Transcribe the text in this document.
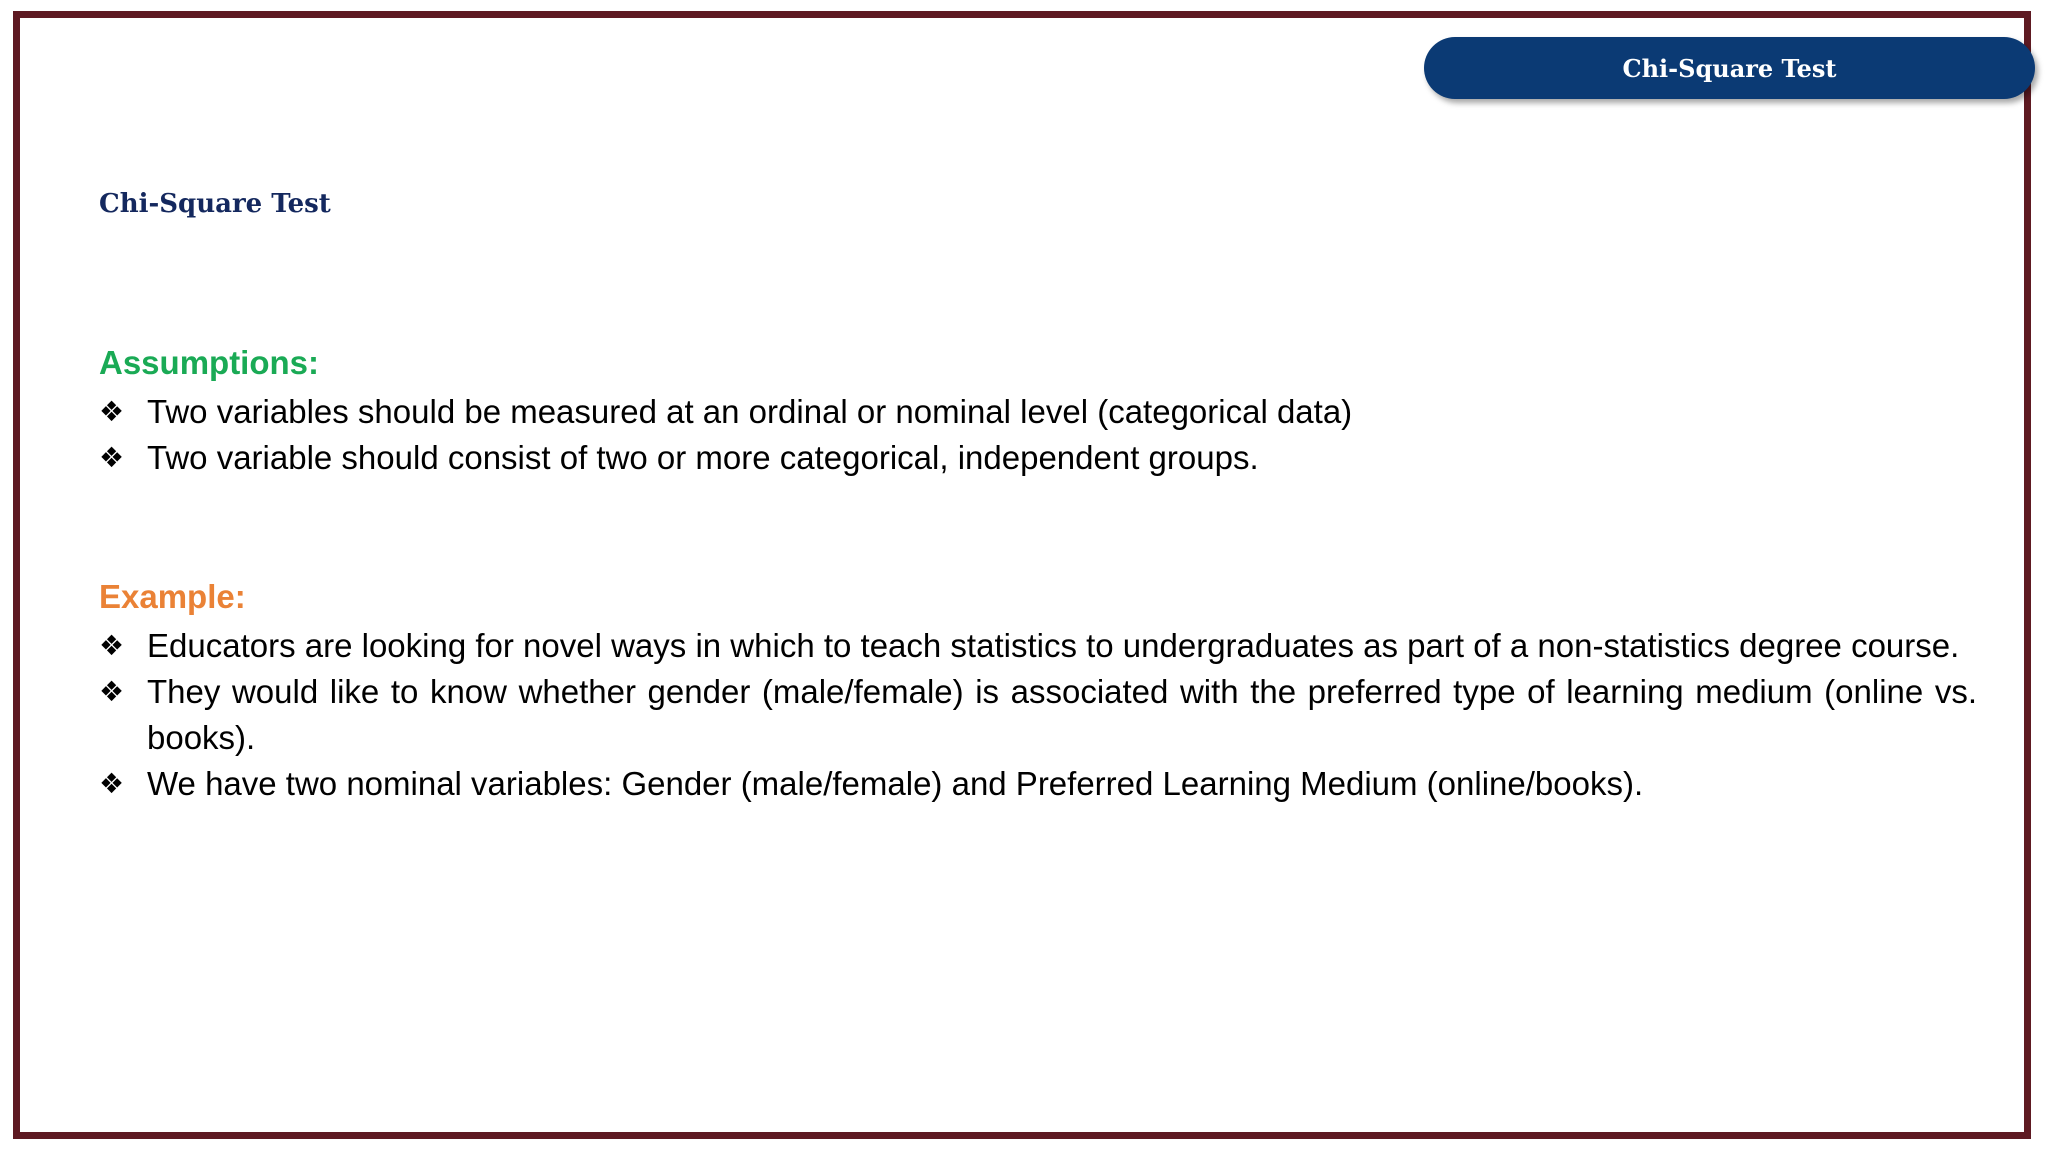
Chi-Square Test
Chi-Square Test
Assumptions:
❖ Two variables should be measured at an ordinal or nominal level (categorical data)
❖ Two variable should consist of two or more categorical, independent groups.
Example:
❖ Educators are looking for novel ways in which to teach statistics to undergraduates as part of a non-statistics degree course.
❖ They would like to know whether gender (male/female) is associated with the preferred type of learning medium (online vs. books).
❖ We have two nominal variables: Gender (male/female) and Preferred Learning Medium (online/books).
